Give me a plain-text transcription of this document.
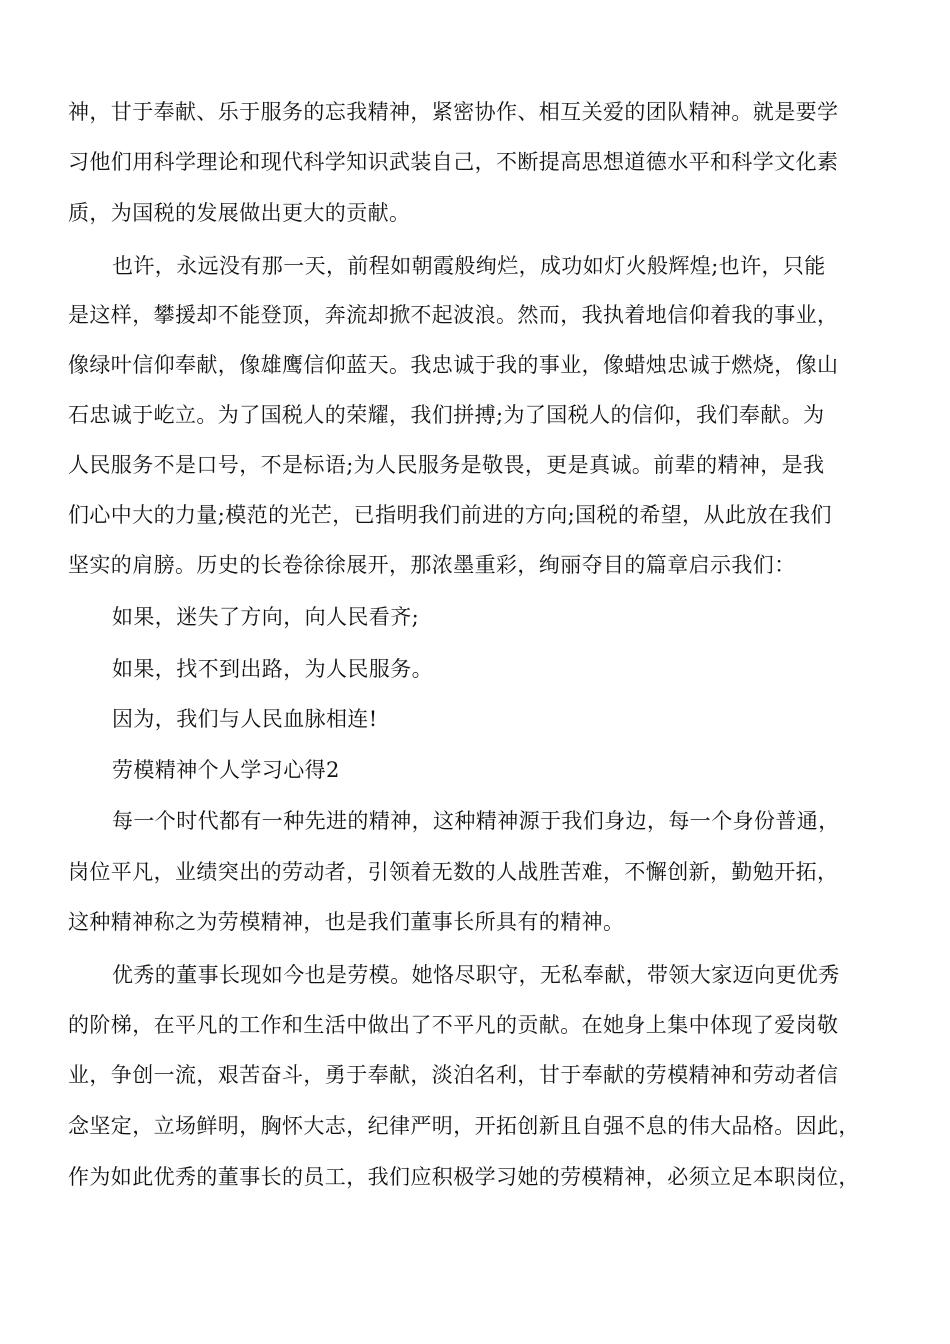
神，甘于奉献、乐于服务的忘我精神，紧密协作、相互关爱的团队精神。就是要学
习他们用科学理论和现代科学知识武装自己，不断提高思想道德水平和科学文化素
质，为国税的发展做出更大的贡献。
也许，永远没有那一天，前程如朝霞般绚烂，成功如灯火般辉煌;也许，只能
是这样，攀援却不能登顶，奔流却掀不起波浪。然而，我执着地信仰着我的事业，
像绿叶信仰奉献，像雄鹰信仰蓝天。我忠诚于我的事业，像蜡烛忠诚于燃烧，像山
石忠诚于屹立。为了国税人的荣耀，我们拼搏;为了国税人的信仰，我们奉献。为
人民服务不是口号，不是标语;为人民服务是敬畏，更是真诚。前辈的精神，是我
们心中大的力量;模范的光芒，已指明我们前进的方向;国税的希望，从此放在我们
坚实的肩膀。历史的长卷徐徐展开，那浓墨重彩，绚丽夺目的篇章启示我们：
如果，迷失了方向，向人民看齐;
如果，找不到出路，为人民服务。
因为，我们与人民血脉相连!
劳模精神个人学习心得2
每一个时代都有一种先进的精神，这种精神源于我们身边，每一个身份普通，
岗位平凡，业绩突出的劳动者，引领着无数的人战胜苦难，不懈创新，勤勉开拓，
这种精神称之为劳模精神，也是我们董事长所具有的精神。
优秀的董事长现如今也是劳模。她恪尽职守，无私奉献，带领大家迈向更优秀
的阶梯，在平凡的工作和生活中做出了不平凡的贡献。在她身上集中体现了爱岗敬
业，争创一流，艰苦奋斗，勇于奉献，淡泊名利，甘于奉献的劳模精神和劳动者信
念坚定，立场鲜明，胸怀大志，纪律严明，开拓创新且自强不息的伟大品格。因此，
作为如此优秀的董事长的员工，我们应积极学习她的劳模精神，必须立足本职岗位，
